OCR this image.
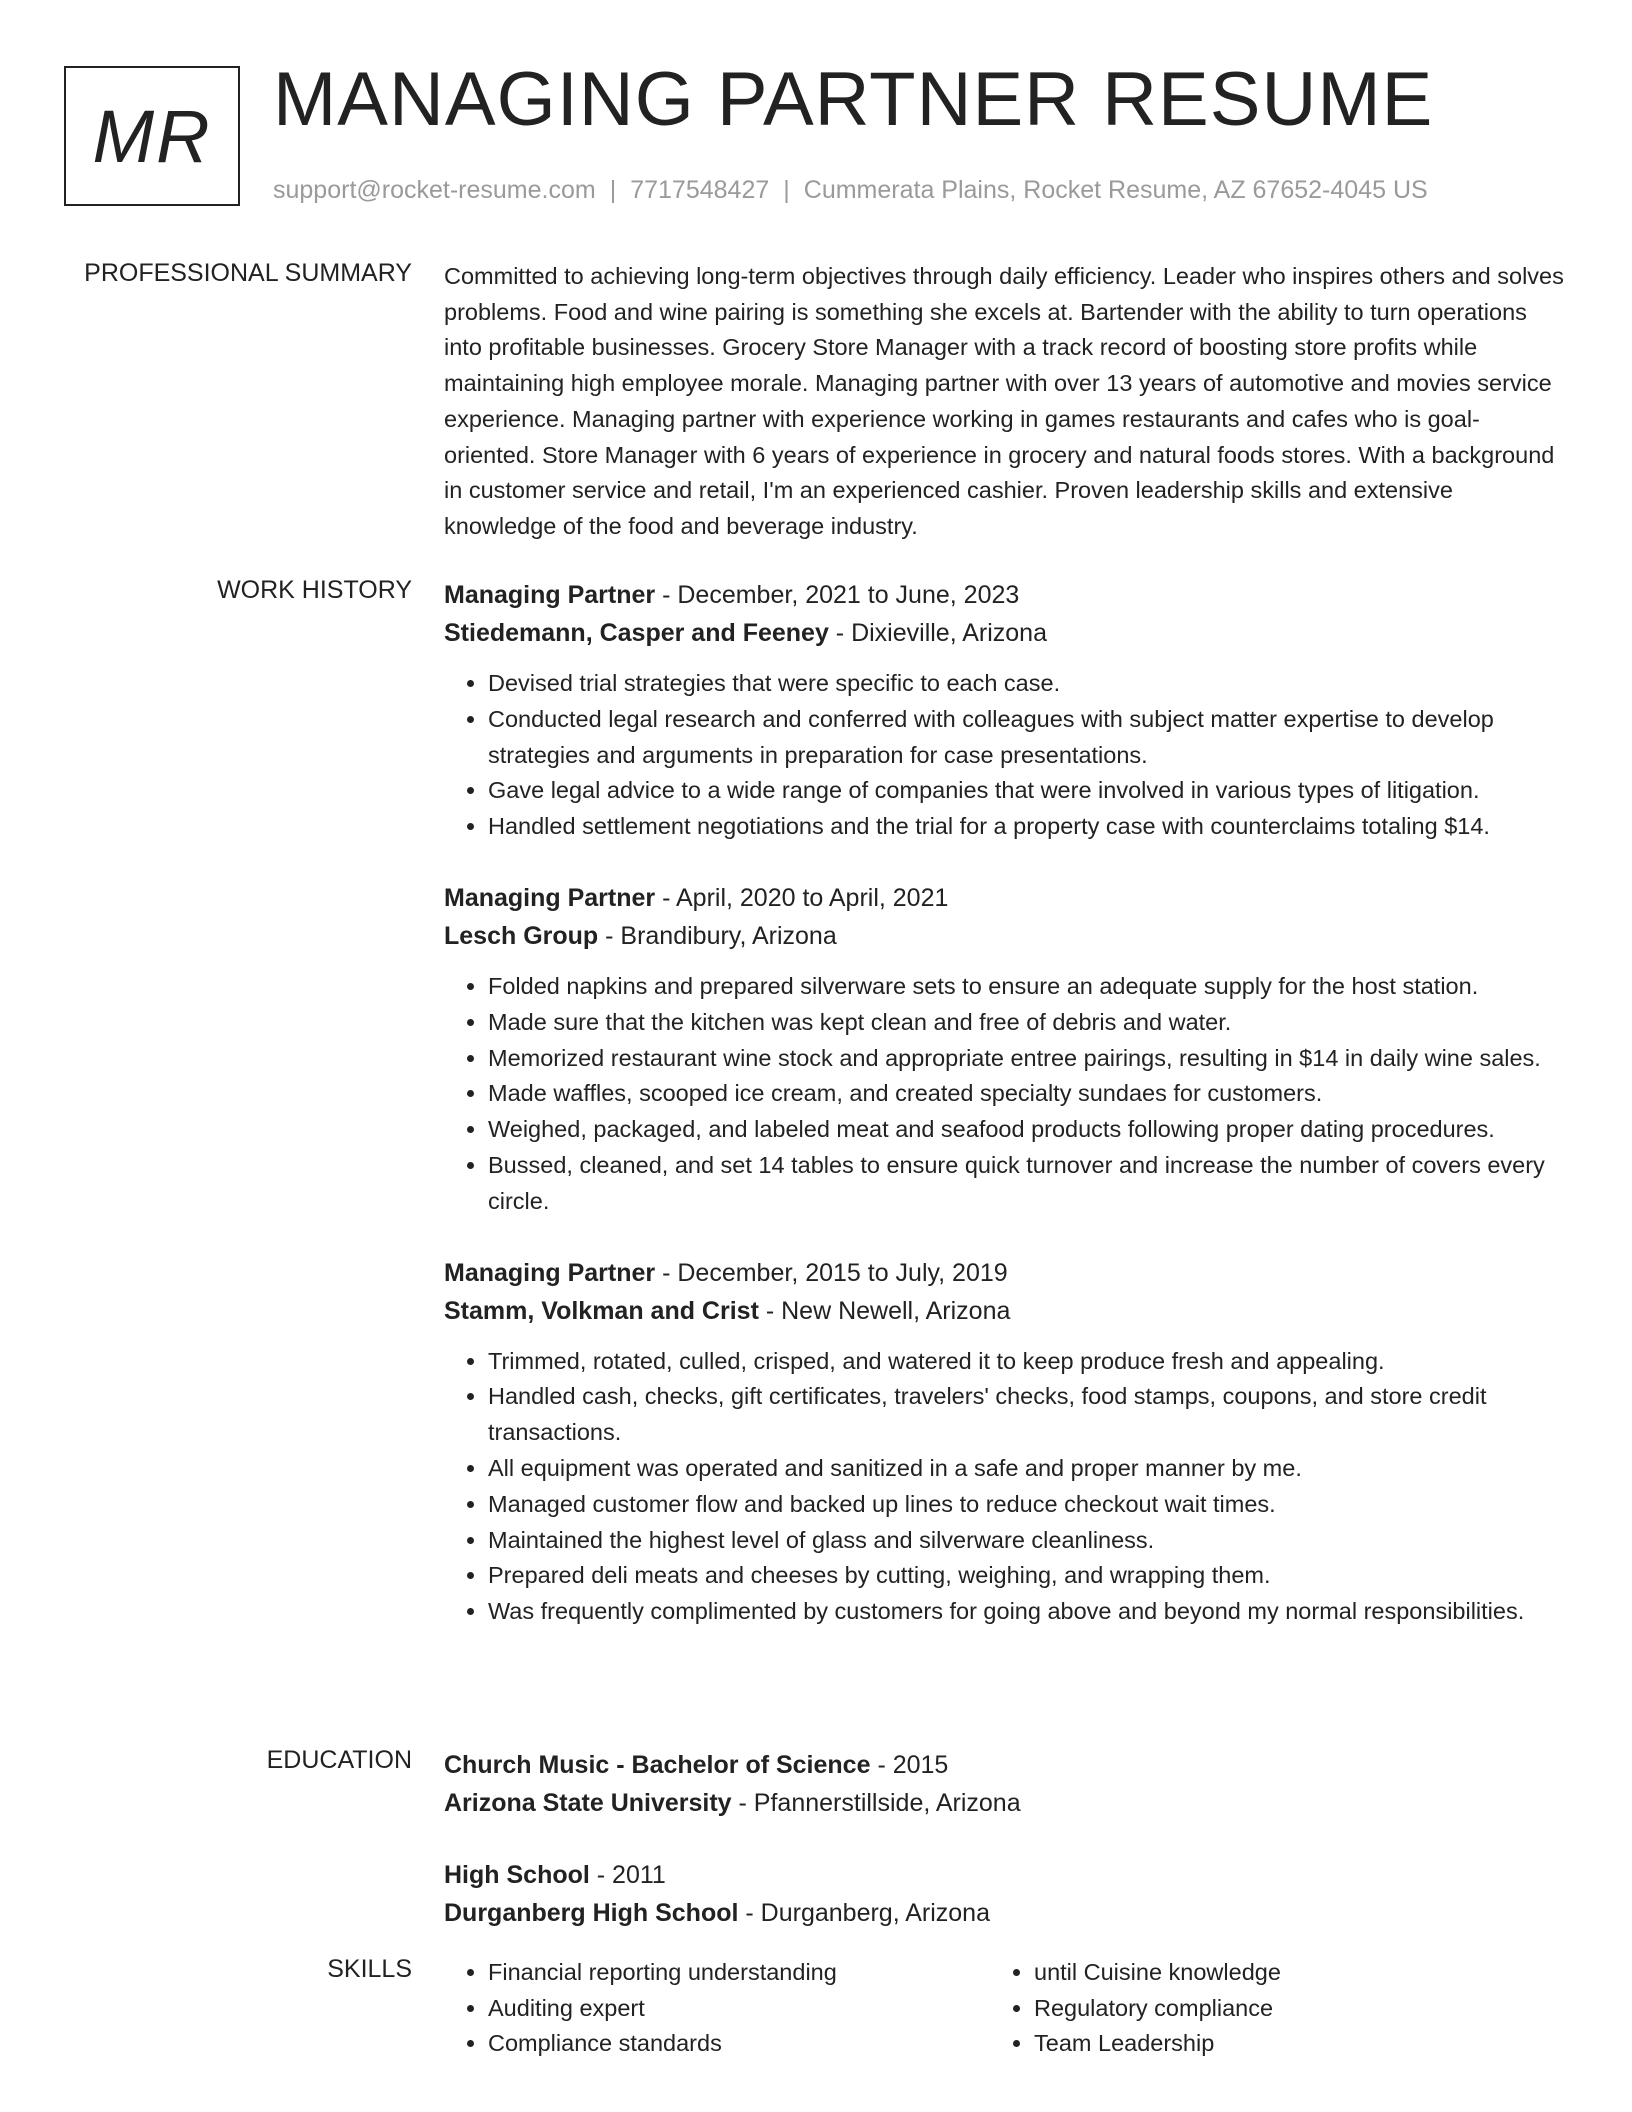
MR MANAGING PARTNER RESUME
support@rocket-resume.com | 7717548427 | Cummerata Plains, Rocket Resume, AZ 67652-4045 US
PROFESSIONAL SUMMARY Committed to achieving long-term objectives through daily efficiency. Leader who inspires others and solves problems. Food and wine pairing is something she excels at. Bartender with the ability to turn operations into profitable businesses. Grocery Store Manager with a track record of boosting store profits while maintaining high employee morale. Managing partner with over 13 years of automotive and movies service experience. Managing partner with experience working in games restaurants and cafes who is goal-oriented. Store Manager with 6 years of experience in grocery and natural foods stores. With a background in customer service and retail, I'm an experienced cashier. Proven leadership skills and extensive knowledge of the food and beverage industry.

WORK HISTORY Managing Partner - December, 2021 to June, 2023
Stiedemann, Casper and Feeney - Dixieville, Arizona
• Devised trial strategies that were specific to each case.
• Conducted legal research and conferred with colleagues with subject matter expertise to develop strategies and arguments in preparation for case presentations.
• Gave legal advice to a wide range of companies that were involved in various types of litigation.
• Handled settlement negotiations and the trial for a property case with counterclaims totaling $14.
Managing Partner - April, 2020 to April, 2021
Lesch Group - Brandibury, Arizona
• Folded napkins and prepared silverware sets to ensure an adequate supply for the host station.
• Made sure that the kitchen was kept clean and free of debris and water.
• Memorized restaurant wine stock and appropriate entree pairings, resulting in $14 in daily wine sales.
• Made waffles, scooped ice cream, and created specialty sundaes for customers.
• Weighed, packaged, and labeled meat and seafood products following proper dating procedures.
• Bussed, cleaned, and set 14 tables to ensure quick turnover and increase the number of covers every circle.
Managing Partner - December, 2015 to July, 2019
Stamm, Volkman and Crist - New Newell, Arizona
• Trimmed, rotated, culled, crisped, and watered it to keep produce fresh and appealing.
• Handled cash, checks, gift certificates, travelers' checks, food stamps, coupons, and store credit transactions.
• All equipment was operated and sanitized in a safe and proper manner by me.
• Managed customer flow and backed up lines to reduce checkout wait times.
• Maintained the highest level of glass and silverware cleanliness.
• Prepared deli meats and cheeses by cutting, weighing, and wrapping them.
• Was frequently complimented by customers for going above and beyond my normal responsibilities.
EDUCATION Church Music - Bachelor of Science - 2015
Arizona State University - Pfannerstillside, Arizona
High School - 2011
Durganberg High School - Durganberg, Arizona
SKILLS
•	Financial reporting understanding
• Auditing expert
• Compliance standards
• until Cuisine knowledge
• Regulatory compliance
• Team Leadership
